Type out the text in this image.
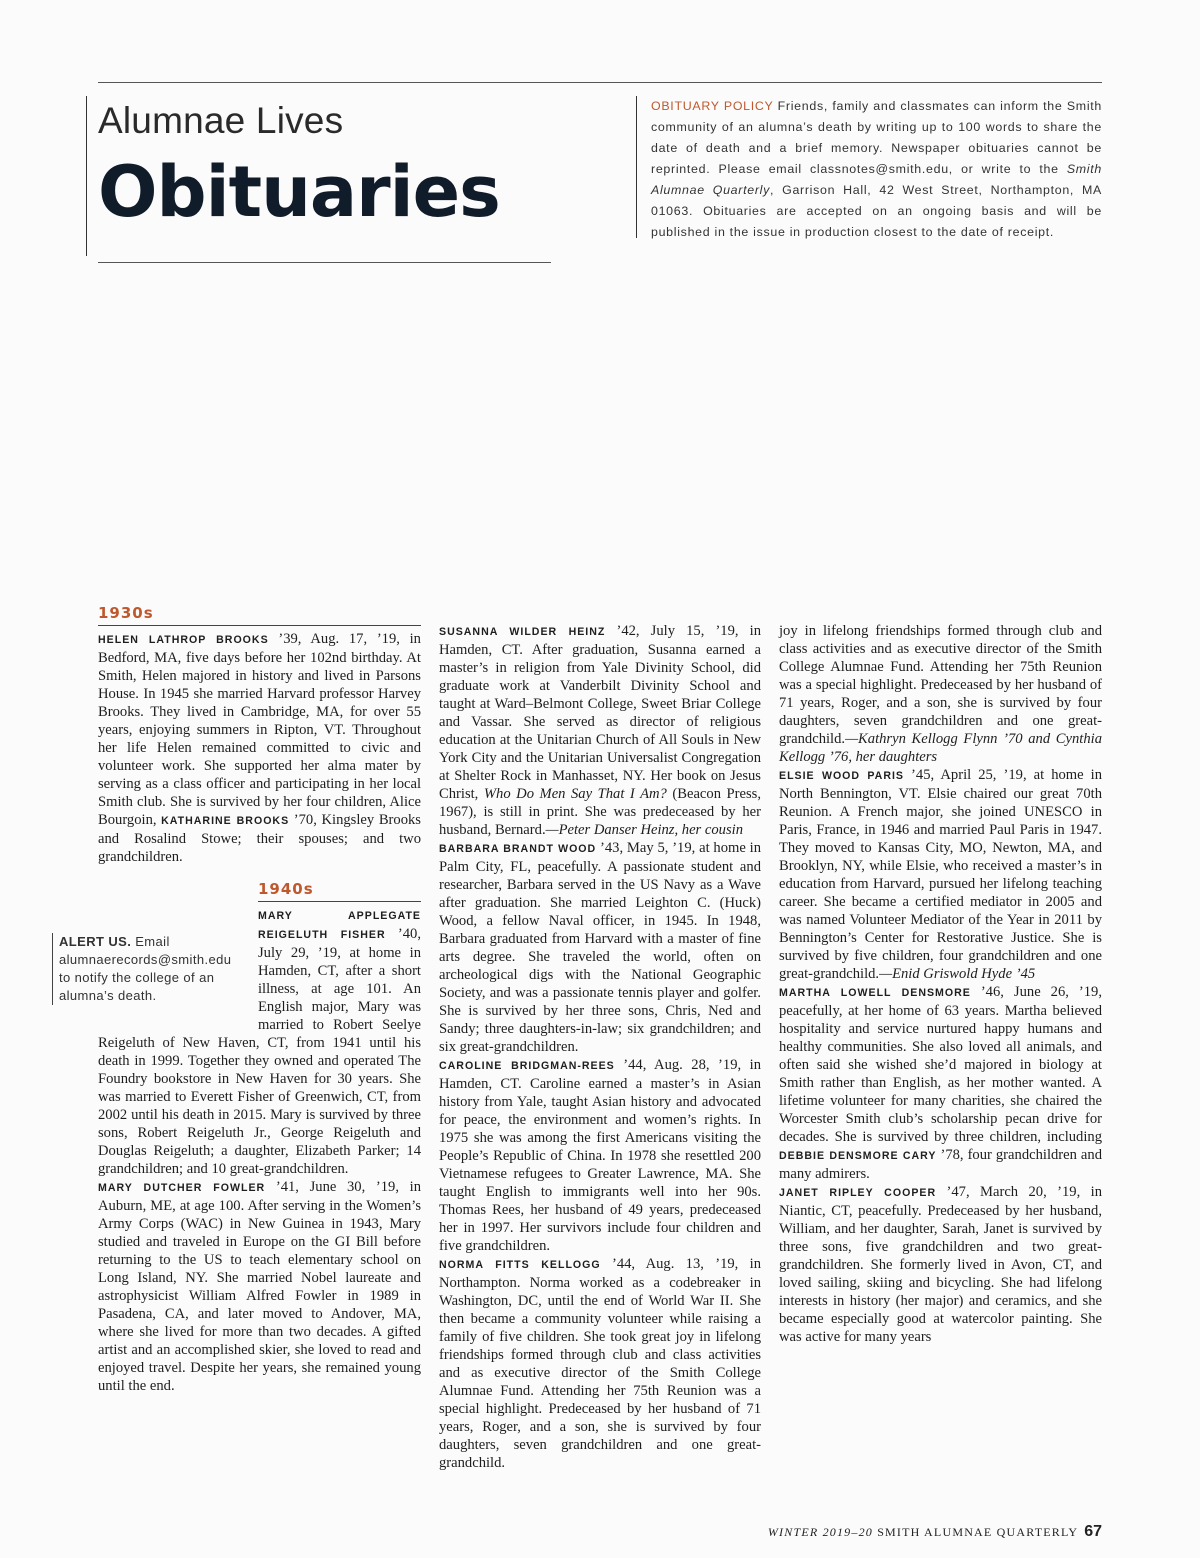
Alumnae Lives
Obituaries
OBITUARY POLICY Friends, family and classmates can inform the Smith community of an alumna’s death by writing up to 100 words to share the date of death and a brief memory. Newspaper obituaries cannot be reprinted. Please email classnotes@smith.edu, or write to the Smith Alumnae Quarterly, Garrison Hall, 42 West Street, Northampton, MA 01063. Obituaries are accepted on an ongoing basis and will be published in the issue in production closest to the date of receipt.
1930s

HELEN LATHROP BROOKS ’39, Aug. 17, ’19, in Bedford, MA, five days before her 102nd birthday. At Smith, Helen majored in history and lived in Parsons House. In 1945 she married Harvard professor Harvey Brooks. They lived in Cambridge, MA, for over 55 years, enjoying summers in Ripton, VT. Throughout her life Helen remained committed to civic and volunteer work. She supported her alma mater by serving as a class officer and participating in her local Smith club. She is survived by her four children, Alice Bourgoin, KATHARINE BROOKS ’70, Kingsley Brooks and Rosalind Stowe; their spouses; and two grandchildren.

1940s

MARY APPLEGATE REIGELUTH FISHER ’40, July 29, ’19, at home in Hamden, CT, after a short illness, at age 101. An English major, Mary was married to Robert Seelye Reigeluth of New Haven, CT, from 1941 until his death in 1999. Together they owned and operated The Foundry bookstore in New Haven for 30 years. She was married to Everett Fisher of Greenwich, CT, from 2002 until his death in 2015. Mary is survived by three sons, Robert Reigeluth Jr., George Reigeluth and Douglas Reigeluth; a daughter, Elizabeth Parker; 14 grandchildren; and 10 great-grandchildren.

MARY DUTCHER FOWLER ’41, June 30, ’19, in Auburn, ME, at age 100. After serving in the Women’s Army Corps (WAC) in New Guinea in 1943, Mary studied and traveled in Europe on the GI Bill before returning to the US to teach elementary school on Long Island, NY. She married Nobel laureate and astrophysicist William Alfred Fowler in 1989 in Pasadena, CA, and later moved to Andover, MA, where she lived for more than two decades. A gifted artist and an accomplished skier, she loved to read and enjoyed travel. Despite her years, she remained young until the end.

ALERT US. Email alumnaerecords@smith.edu to notify the college of an alumna’s death.

SUSANNA WILDER HEINZ ’42, July 15, ’19, in Hamden, CT. After graduation, Susanna earned a master’s in religion from Yale Divinity School, did graduate work at Vanderbilt Divinity School and taught at Ward–Belmont College, Sweet Briar College and Vassar. She served as director of religious education at the Unitarian Church of All Souls in New York City and the Unitarian Universalist Congregation at Shelter Rock in Manhasset, NY. Her book on Jesus Christ, Who Do Men Say That I Am? (Beacon Press, 1967), is still in print. She was predeceased by her husband, Bernard.—Peter Danser Heinz, her cousin

BARBARA BRANDT WOOD ’43, May 5, ’19, at home in Palm City, FL, peacefully. A passionate student and researcher, Barbara served in the US Navy as a Wave after graduation. She married Leighton C. (Huck) Wood, a fellow Naval officer, in 1945. In 1948, Barbara graduated from Harvard with a master of fine arts degree. She traveled the world, often on archeological digs with the National Geographic Society, and was a passionate tennis player and golfer. She is survived by her three sons, Chris, Ned and Sandy; three daughters-in-law; six grandchildren; and six great-grandchildren.

CAROLINE BRIDGMAN-REES ’44, Aug. 28, ’19, in Hamden, CT. Caroline earned a master’s in Asian history from Yale, taught Asian history and advocated for peace, the environment and women’s rights. In 1975 she was among the first Americans visiting the People’s Republic of China. In 1978 she resettled 200 Vietnamese refugees to Greater Lawrence, MA. She taught English to immigrants well into her 90s. Thomas Rees, her husband of 49 years, predeceased her in 1997. Her survivors include four children and five grandchildren.

NORMA FITTS KELLOGG ’44, Aug. 13, ’19, in Northampton. Norma worked as a codebreaker in Washington, DC, until the end of World War II. She then became a community volunteer while raising a family of five children. She took great joy in lifelong friendships formed through club and class activities and as executive director of the Smith College Alumnae Fund. Attending her 75th Reunion was a special highlight. Predeceased by her husband of 71 years, Roger, and a son, she is survived by four daughters, seven grandchildren and one great-grandchild.

joy in lifelong friendships formed through club and class activities and as executive director of the Smith College Alumnae Fund. Attending her 75th Reunion was a special highlight. Predeceased by her husband of 71 years, Roger, and a son, she is survived by four daughters, seven grandchildren and one great-grandchild.—Kathryn Kellogg Flynn ’70 and Cynthia Kellogg ’76, her daughters

ELSIE WOOD PARIS ’45, April 25, ’19, at home in North Bennington, VT. Elsie chaired our great 70th Reunion. A French major, she joined UNESCO in Paris, France, in 1946 and married Paul Paris in 1947. They moved to Kansas City, MO, Newton, MA, and Brooklyn, NY, while Elsie, who received a master’s in education from Harvard, pursued her lifelong teaching career. She became a certified mediator in 2005 and was named Volunteer Mediator of the Year in 2011 by Bennington’s Center for Restorative Justice. She is survived by five children, four grandchildren and one great-grandchild.—Enid Griswold Hyde ’45

MARTHA LOWELL DENSMORE ’46, June 26, ’19, peacefully, at her home of 63 years. Martha believed hospitality and service nurtured happy humans and healthy communities. She also loved all animals, and often said she wished she’d majored in biology at Smith rather than English, as her mother wanted. A lifetime volunteer for many charities, she chaired the Worcester Smith club’s scholarship pecan drive for decades. She is survived by three children, including DEBBIE DENSMORE CARY ’78, four grandchildren and many admirers.

JANET RIPLEY COOPER ’47, March 20, ’19, in Niantic, CT, peacefully. Predeceased by her husband, William, and her daughter, Sarah, Janet is survived by three sons, five grandchildren and two great-grandchildren. She formerly lived in Avon, CT, and loved sailing, skiing and bicycling. She had lifelong interests in history (her major) and ceramics, and she became especially good at watercolor painting. She was active for many years

WINTER 2019–20 SMITH ALUMNAE QUARTERLY 67
